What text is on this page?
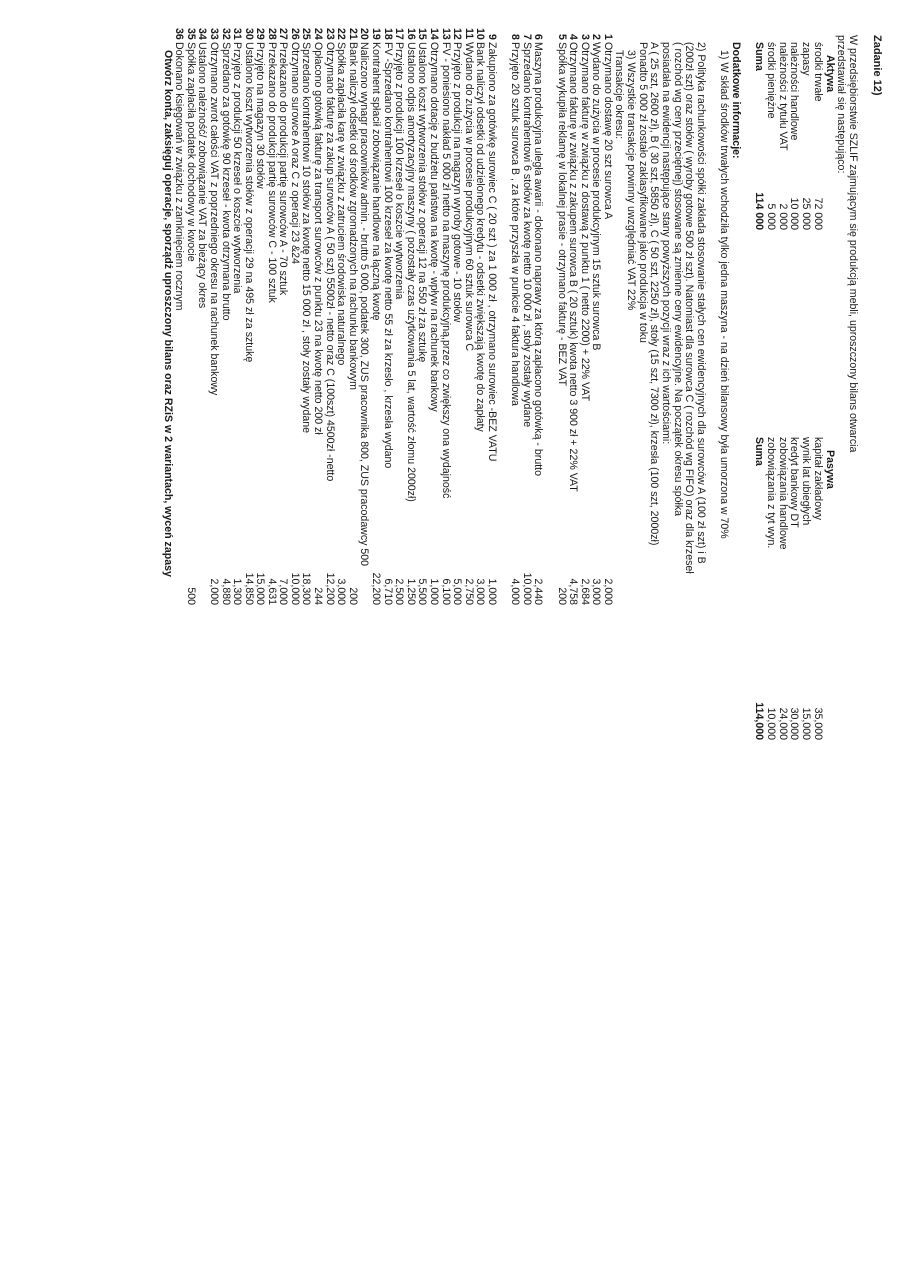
Zadanie 12)
W przedsiębiorstwie SZLIF zajmującym się produkcją mebli, uproszczony bilans otwarcia
przedstawiał się następująco:
Aktywa
Pasywa
środki trwałe
72 000
kapitał zakładowy
35,000
zapasy
25 000
wynik lat ubiegłych
15,000
należności handlowe
10 000
kredyt bankowy DT
30,000
należności z tytułu VAT
2 000
zobowiązania handlowe
24,000
środki pieniężne
5 000
zobowiązania z tyt wyn.
10,000
Suma
114 000
Suma
114,000
Dodatkowe informacje:
1) W skład środków trwałych wchodziła tylko jedna maszyna - na dzień bilansowy była umorzona w 70%
2) Polityka rachunkowości spółki zakłada stosowanie stałych cen ewidencyjnych dla surowców A (100 zł szt) i B
(200zł szt) oraz stołów ( wyroby gotowe 500 zł szt). Natomiast dla surowca C ( rozchód wg FIFO) oraz dla krzeseł
( rozchód wg ceny przeciętnej) stosowane są zmienne ceny ewidencyjne. Na początek okresu spółka
posiadała na ewidencji następujące stany powyższych pozycji wraz z ich wartościami:
A ( 25 szt, 2600 zł), B ( 30 szt, 5850 zł), C ( 50 szt, 2250 zł), stoły (15 szt, 7300 zł), krzesła (100 szt, 2000zł)
Ponadto 5 000 zł zostało zaklasyfikowane jako produkcja w toku
3) Wszystkie transakcje powinny uwzględniać VAT 22%
Transakcje okresu:
1
Otrzymano dostawę 20 szt surowca A
2,000
2
Wydano do zużycia w procesie produkcyjnym 15 sztuk surowca B
3,000
3
Otrzymano fakturę w związku z dostawą z punktu 1 ( netto 2200) + 22% VAT
2,684
4
Otrzymano fakturę w związku z zakupem surowca B ( 20 sztuk) kwota netto 3 900 zł + 22% VAT
4,758
5
Spółka wykupiła reklamę w lokalnej prasie - otrzymano fakturę - BEZ VAT
200
6
Maszyna produkcyjna uległa awarii - dokonano naprawy za którą zapłacono gotówką - brutto
2,440
7
Sprzedano kontrahentowi 6 stołów za kwotę netto 10 000 zł , stoły zostały wydane
10,000
8
Przyjęto 20 sztuk surowca B , za które przyszła w punkcie 4 faktura handlowa
4,000
9
Zakupiono za gotówkę surowiec C ( 20 szt ) za 1 000 zł , otrzymano surowiec -BEZ VATU
1,000
10
Bank naliczył odsetki od udzielonego kredytu - odsetki zwiększają kwotę do zapłaty
3,000
11
Wydano do zużycia w procesie produkcyjnym 60 sztuk surowca C
2,750
12
Przyjęto z produkcji na magazyn wyroby gotowe - 10 stołów
5,000
13
FV - poniesiono nakład 5 000 zł netto na maszynę produkcyjną,przez co zwiększy ona wydajność
6,100
14
Otrzymano dotację z budżetu państwa na kwotę - wpływ na rachunek bankowy
1,000
15
Ustalono koszt wytworzenia stołów z operacji 12 na 550 zł za sztukę
5,500
16
Ustalono odpis amortyzacyjny maszyny ( pozostały czas użytkowania 5 lat, wartość złomu 2000zł)
1,250
17
Przyjęto z produkcji 100 krzeseł o koszcie wytworzenia
2,500
18
FV -Sprzedano kontrahentowi 100 krzeseł za kwotę netto 55 zł za krzesło , krzesła wydano
6,710
19
Kontrahent spłacił zobowiązanie handlowe na łączną kwotę
22,200
20
Naliczono wynagr pracowników admin. - brutto 5 000, podatek 300, ZUS pracownika 800, ZUS pracodawcy 500
21
Bank naliczył odsetki od środków zgromadzonych na rachunku bankowym
200
22
Spółka zapłaciła karę w związku z zatruciem środowiska naturalnego
3,000
23
Otrzymano fakturę za zakup surowców A ( 50 szt) 5500zł - netto oraz C (100szt) 4500zł -netto
12,200
24
Opłacono gotówką fakturę za transport surowców z punktu 23 na kwotę netto 200 zł
244
25
Sprzedano kontrahentowi 10 stołów za kwotę netto 15 000 zł , stoły zostały wydane
18,300
26
Otrzymano surowce A oraz C z operacji 23 &24
10,000
27
Przekazano do produkcji partię surowców A - 70 sztuk
7,000
28
Przekazano do produkcji partię surowców C - 100 sztuk
4,631
29
Przyjęto na magazyn 30 stołów
15,000
30
Ustalono koszt wytworzenia stołów z operacji 29 na 495 zł za sztukę
14,850
31
Przyjęto z produkcji 50 krzeseł o koszcie wytworzenia
1,300
32
Sprzedano za gotówkę 90 krzeseł - kwota otrzymana brutto
4,880
33
Otrzymano zwrot całości VAT z poprzedniego okresu na rachunek bankowy
2,000
34
Ustalono należność/ zobowiązanie VAT za bieżący okres
35
Spółka zapłaciła podatek dochodowy w kwocie
500
36
Dokonano księgowań w związku z zamknięciem rocznym
Otwórz konta, zaksięguj operacje, sporządź uproszczony bilans oraz RZiS w 2 wariantach, wyceń zapasy
